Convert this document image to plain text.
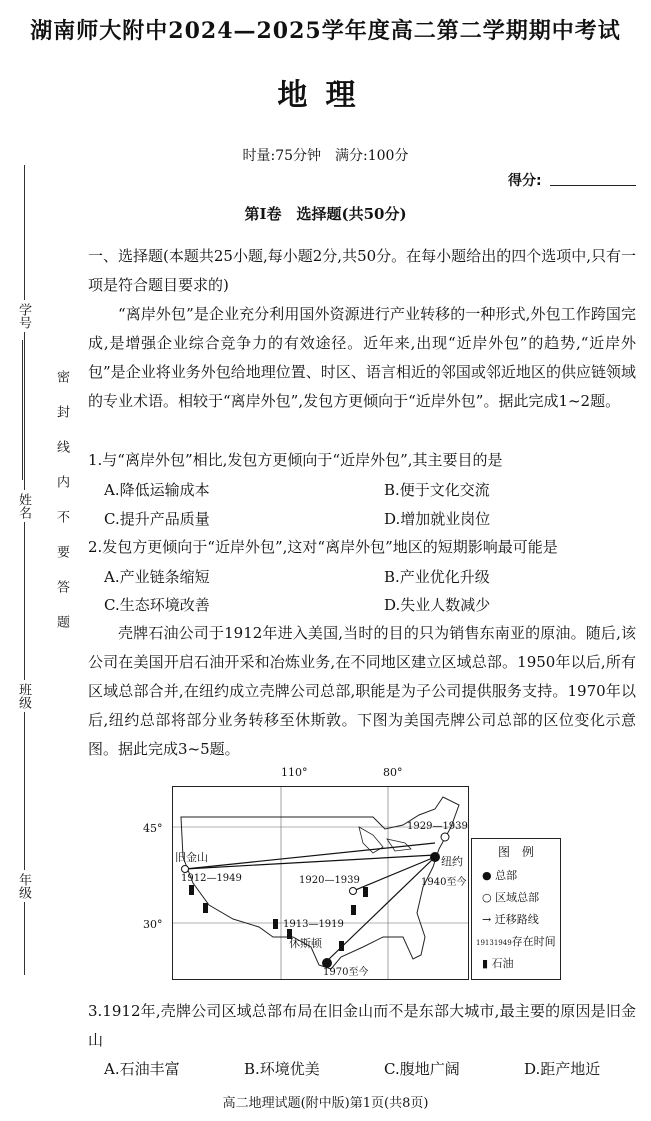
湖南师大附中2024—2025学年度高二第二学期期中考试
地理
时量:75分钟　满分:100分
得分:
第Ⅰ卷　选择题(共50分)
学号
姓名
班级
年级
密封线内不要答题
一、选择题(本题共25小题,每小题2分,共50分。在每小题给出的四个选项中,只有一项是符合题目要求的)
“离岸外包”是企业充分利用国外资源进行产业转移的一种形式,外包工作跨国完成,是增强企业综合竞争力的有效途径。近年来,出现“近岸外包”的趋势,“近岸外包”是企业将业务外包给地理位置、时区、语言相近的邻国或邻近地区的供应链领域的专业术语。相较于“离岸外包”,发包方更倾向于“近岸外包”。据此完成1~2题。
1.与“离岸外包”相比,发包方更倾向于“近岸外包”,其主要目的是
A.降低运输成本	B.便于文化交流
C.提升产品质量	D.增加就业岗位
2.发包方更倾向于“近岸外包”,这对“离岸外包”地区的短期影响最可能是
A.产业链条缩短	B.产业优化升级
C.生态环境改善	D.失业人数减少
壳牌石油公司于1912年进入美国,当时的目的只为销售东南亚的原油。随后,该公司在美国开启石油开采和冶炼业务,在不同地区建立区域总部。1950年以后,所有区域总部合并,在纽约成立壳牌公司总部,职能是为子公司提供服务支持。1970年以后,纽约总部将部分业务转移至休斯敦。下图为美国壳牌公司总部的区位变化示意图。据此完成3~5题。
110°	80°
45°
30°
旧金山
1912—1949
1929—1939
纽约
1940至今
1920—1939
1913—1919
休斯顿
1970至今
图　例
● 总部
○ 区域总部
→ 迁移路线
19131949存在时间
▮ 石油
3.1912年,壳牌公司区域总部布局在旧金山而不是东部大城市,最主要的原因是旧金山
A.石油丰富	B.环境优美	C.腹地广阔	D.距产地近
高二地理试题(附中版)第1页(共8页)
